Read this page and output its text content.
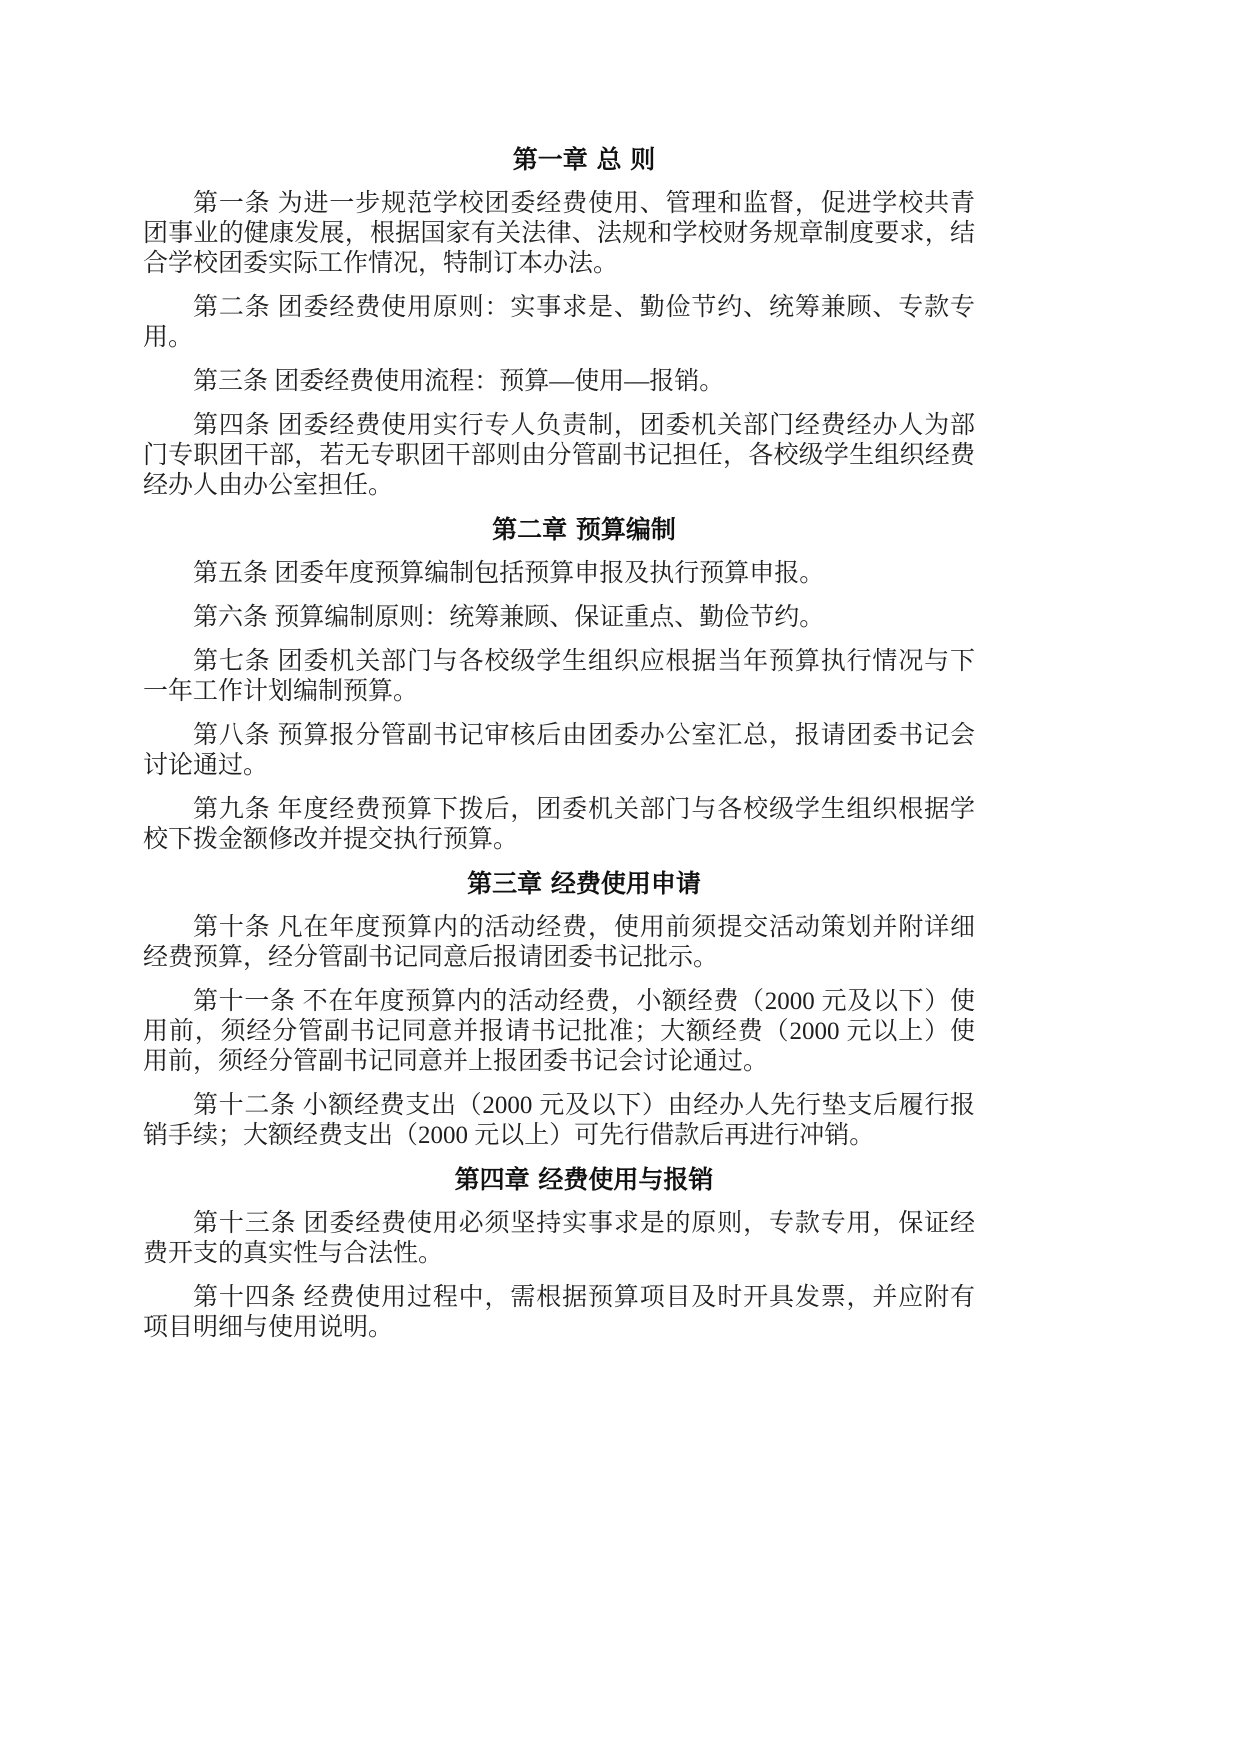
第一章 总 则
第一条 为进一步规范学校团委经费使用、管理和监督，促进学校共青
团事业的健康发展，根据国家有关法律、法规和学校财务规章制度要求，结
合学校团委实际工作情况，特制订本办法。
第二条 团委经费使用原则：实事求是、勤俭节约、统筹兼顾、专款专
用。
第三条 团委经费使用流程：预算—使用—报销。
第四条 团委经费使用实行专人负责制，团委机关部门经费经办人为部
门专职团干部，若无专职团干部则由分管副书记担任，各校级学生组织经费
经办人由办公室担任。
第二章 预算编制
第五条 团委年度预算编制包括预算申报及执行预算申报。
第六条 预算编制原则：统筹兼顾、保证重点、勤俭节约。
第七条 团委机关部门与各校级学生组织应根据当年预算执行情况与下
一年工作计划编制预算。
第八条 预算报分管副书记审核后由团委办公室汇总，报请团委书记会
讨论通过。
第九条 年度经费预算下拨后，团委机关部门与各校级学生组织根据学
校下拨金额修改并提交执行预算。
第三章 经费使用申请
第十条 凡在年度预算内的活动经费，使用前须提交活动策划并附详细
经费预算，经分管副书记同意后报请团委书记批示。
第十一条 不在年度预算内的活动经费，小额经费（2000 元及以下）使
用前，须经分管副书记同意并报请书记批准；大额经费（2000 元以上）使
用前，须经分管副书记同意并上报团委书记会讨论通过。
第十二条 小额经费支出（2000 元及以下）由经办人先行垫支后履行报
销手续；大额经费支出（2000 元以上）可先行借款后再进行冲销。
第四章 经费使用与报销
第十三条 团委经费使用必须坚持实事求是的原则，专款专用，保证经
费开支的真实性与合法性。
第十四条 经费使用过程中，需根据预算项目及时开具发票，并应附有
项目明细与使用说明。
